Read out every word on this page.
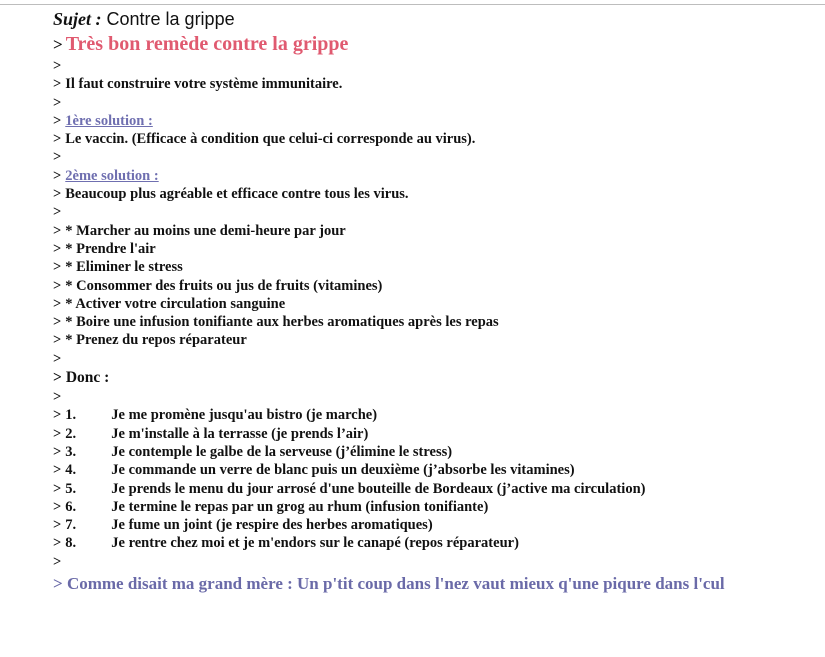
Sujet : Contre la grippe
> Très bon remède contre la grippe
>
> Il faut construire votre système immunitaire.
>
> 1ère solution :
> Le vaccin. (Efficace à condition que celui-ci corresponde au virus).
>
> 2ème solution :
> Beaucoup plus agréable et efficace contre tous les virus.
>
> * Marcher au moins une demi-heure par jour
> * Prendre l'air
> * Eliminer le stress
> * Consommer des fruits ou jus de fruits (vitamines)
> * Activer votre circulation sanguine
> * Boire une infusion tonifiante aux herbes aromatiques après les repas
> * Prenez du repos réparateur
>
> Donc :
>
> 1. Je me promène jusqu'au bistro (je marche)
> 2. Je m'installe à la terrasse (je prends l’air)
> 3. Je contemple le galbe de la serveuse (j’élimine le stress)
> 4. Je commande un verre de blanc puis un deuxième (j’absorbe les vitamines)
> 5. Je prends le menu du jour arrosé d'une bouteille de Bordeaux (j’active ma circulation)
> 6. Je termine le repas par un grog au rhum (infusion tonifiante)
> 7. Je fume un joint (je respire des herbes aromatiques)
> 8. Je rentre chez moi et je m'endors sur le canapé (repos réparateur)
>
> Comme disait ma grand mère : Un p'tit coup dans l'nez vaut mieux q'une piqure dans l'cul
